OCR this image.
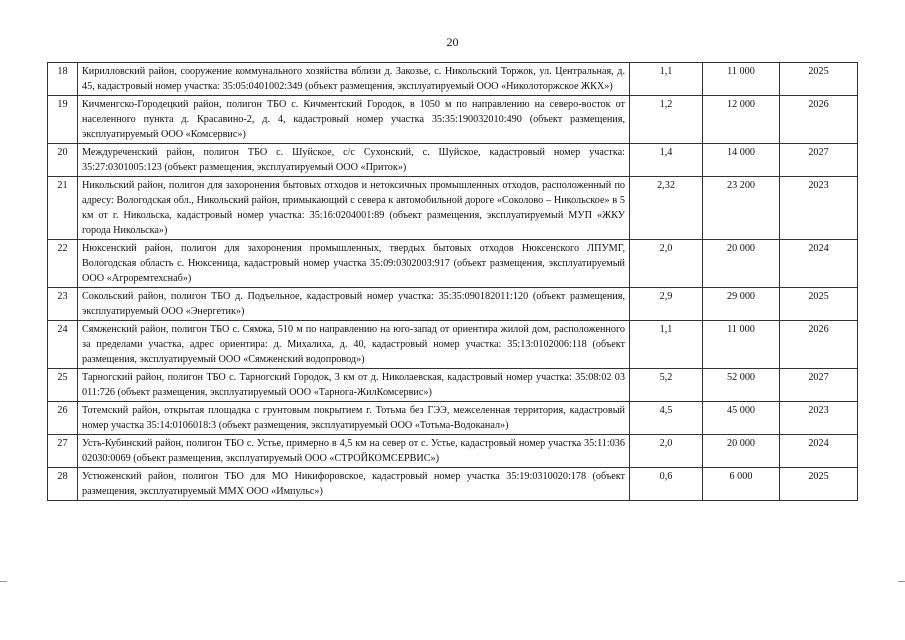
20
18	Кирилловский район, сооружение коммунального хозяйства вблизи д. Закозье, с. Никольский Торжок, ул. Центральная, д. 45, кадастровый номер участка: 35:05:0401002:349 (объект размещения, эксплуатируемый ООО «Николоторжское ЖКХ»)	1,1	11 000	2025
19	Кичменгско-Городецкий район, полигон ТБО с. Кичментский Городок, в 1050 м по направлению на северо-восток от населенного пункта д. Красавино-2, д. 4, кадастровый номер участка 35:35:190032010:490 (объект размещения, эксплуатируемый ООО «Комсервис»)	1,2	12 000	2026
20	Междуреченский район, полигон ТБО с. Шуйское, с/с Сухонский, с. Шуйское, кадастровый номер участка: 35:27:0301005:123 (объект размещения, эксплуатируемый ООО «Приток»)	1,4	14 000	2027
21	Никольский район, полигон для захоронения бытовых отходов и нетоксичных промышленных отходов, расположенный по адресу: Вологодская обл., Никольский район, примыкающий с севера к автомобильной дороге «Соколово – Никольское» в 5 км от г. Никольска, кадастровый номер участка: 35:16:0204001:89 (объект размещения, эксплуатируемый МУП «ЖКУ города Никольска»)	2,32	23 200	2023
22	Нюксенский район, полигон для захоронения промышленных, твердых бытовых отходов Нюксенского ЛПУМГ, Вологодская область с. Нюксеница, кадастровый номер участка 35:09:0302003:917 (объект размещения, эксплуатируемый ООО «Агроремтехснаб»)	2,0	20 000	2024
23	Сокольский район, полигон ТБО д. Подъельное, кадастровый номер участка: 35:35:090182011:120 (объект размещения, эксплуатируемый ООО «Энергетик»)	2,9	29 000	2025
24	Сямженский район, полигон ТБО с. Сямжа, 510 м по направлению на юго-запад от ориентира жилой дом, расположенного за пределами участка, адрес ориентира: д. Михалиха, д. 40, кадастровый номер участка: 35:13:0102006:118 (объект размещения, эксплуатируемый ООО «Сямженский водопровод»)	1,1	11 000	2026
25	Тарногский район, полигон ТБО с. Тарногский Городок, 3 км от д. Николаевская, кадастровый номер участка: 35:08:02 03 011:726 (объект размещения, эксплуатируемый ООО «Тарнога-ЖилКомсервис»)	5,2	52 000	2027
26	Тотемский район, открытая площадка с грунтовым покрытием г. Тотьма без ГЭЭ, межселенная территория, кадастровый номер участка 35:14:0106018:3 (объект размещения, эксплуатируемый ООО «Тотьма-Водоканал»)	4,5	45 000	2023
27	Усть-Кубинский район, полигон ТБО с. Устье, примерно в 4,5 км на север от с. Устье, кадастровый номер участка 35:11:036 02030:0069 (объект размещения, эксплуатируемый ООО «СТРОЙКОМСЕРВИС»)	2,0	20 000	2024
28	Устюженский район, полигон ТБО для МО Никифоровское, кадастровый номер участка 35:19:0310020:178 (объект размещения, эксплуатируемый ММХ ООО «Импульс»)	0,6	6 000	2025
